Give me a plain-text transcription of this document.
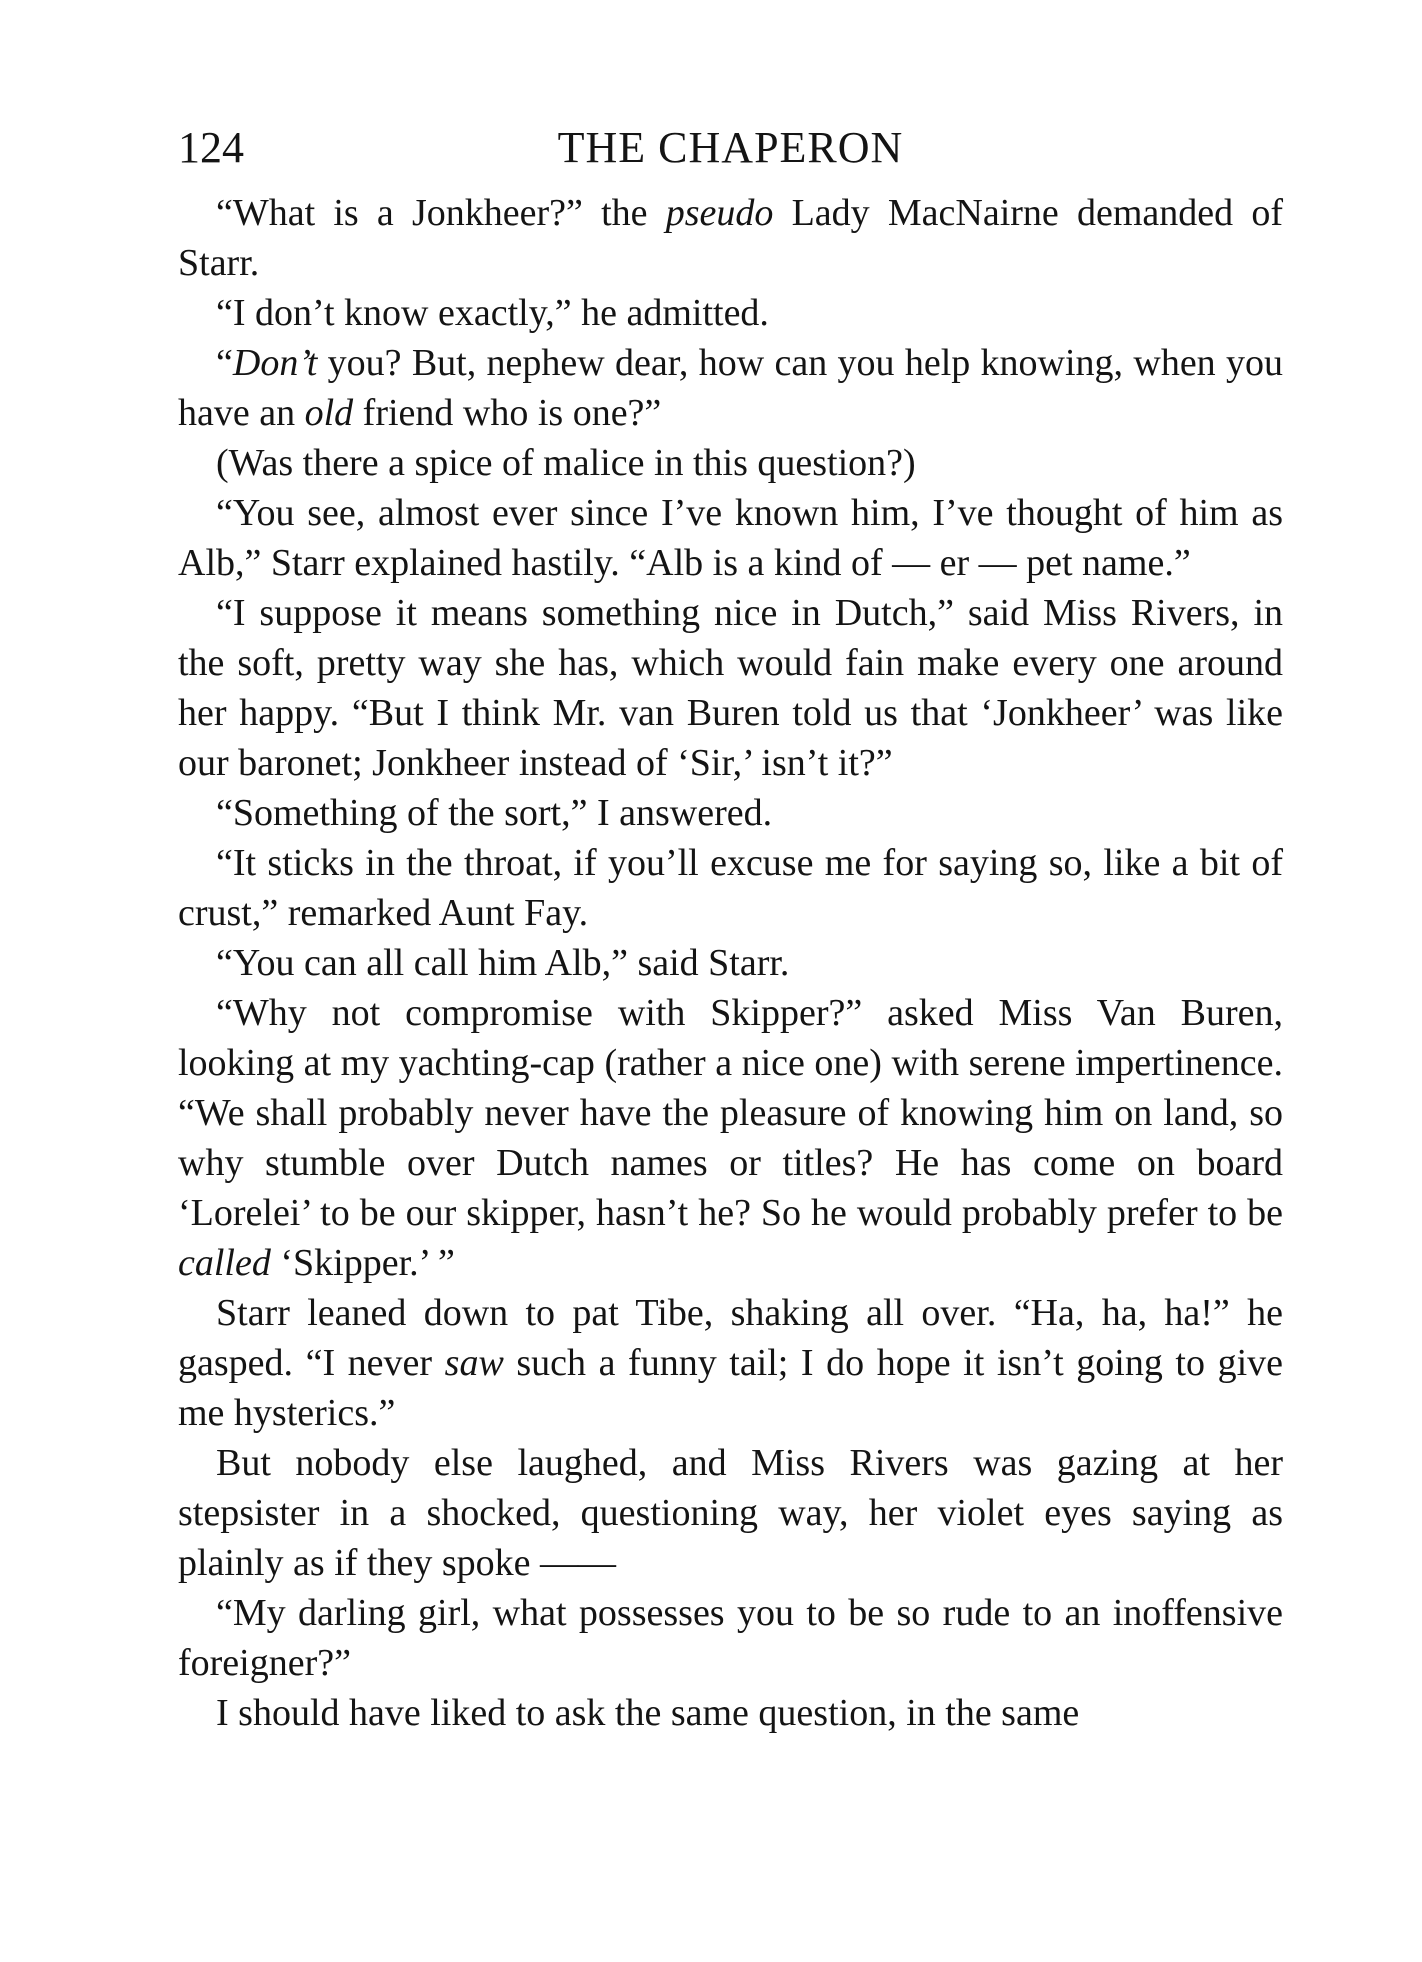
124	THE CHAPERON

“What is a Jonkheer?” the pseudo Lady MacNairne demanded of Starr.

“I don’t know exactly,” he admitted.

“Don’t you? But, nephew dear, how can you help knowing, when you have an old friend who is one?”

(Was there a spice of malice in this question?)

“You see, almost ever since I’ve known him, I’ve thought of him as Alb,” Starr explained hastily. “Alb is a kind of — er — pet name.”

“I suppose it means something nice in Dutch,” said Miss Rivers, in the soft, pretty way she has, which would fain make every one around her happy. “But I think Mr. van Buren told us that ‘Jonkheer’ was like our baronet; Jonkheer instead of ‘Sir,’ isn’t it?”

“Something of the sort,” I answered.

“It sticks in the throat, if you’ll excuse me for saying so, like a bit of crust,” remarked Aunt Fay.

“You can all call him Alb,” said Starr.

“Why not compromise with Skipper?” asked Miss Van Buren, looking at my yachting-cap (rather a nice one) with serene impertinence. “We shall probably never have the pleasure of knowing him on land, so why stumble over Dutch names or titles? He has come on board ‘Lorelei’ to be our skipper, hasn’t he? So he would probably prefer to be called ‘Skipper.’ ”

Starr leaned down to pat Tibe, shaking all over. “Ha, ha, ha!” he gasped. “I never saw such a funny tail; I do hope it isn’t going to give me hysterics.”

But nobody else laughed, and Miss Rivers was gazing at her stepsister in a shocked, questioning way, her violet eyes saying as plainly as if they spoke ——

“My darling girl, what possesses you to be so rude to an inoffensive foreigner?”

I should have liked to ask the same question, in the same
